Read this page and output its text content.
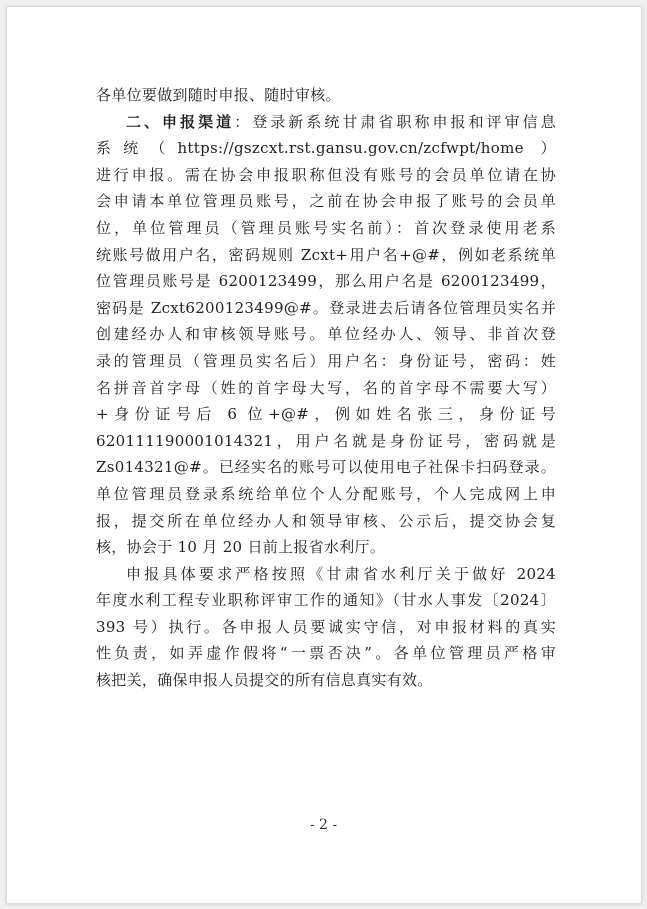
各单位要做到随时申报、随时审核。
二、申报渠道：登录新系统甘肃省职称申报和评审信息
系统（https://gszcxt.rst.gansu.gov.cn/zcfwpt/home ）
进行申报。需在协会申报职称但没有账号的会员单位请在协
会申请本单位管理员账号，之前在协会申报了账号的会员单
位，单位管理员（管理员账号实名前）：首次登录使用老系
统账号做用户名，密码规则 Zcxt+用户名+@#，例如老系统单
位管理员账号是 6200123499，那么用户名是 6200123499，
密码是 Zcxt6200123499@#。登录进去后请各位管理员实名并
创建经办人和审核领导账号。单位经办人、领导、非首次登
录的管理员（管理员实名后）用户名：身份证号，密码：姓
名拼音首字母（姓的首字母大写，名的首字母不需要大写）
+身份证号后 6 位+@#，例如姓名张三，身份证号
620111190001014321，用户名就是身份证号，密码就是
Zs014321@#。已经实名的账号可以使用电子社保卡扫码登录。
单位管理员登录系统给单位个人分配账号，个人完成网上申
报，提交所在单位经办人和领导审核、公示后，提交协会复
核，协会于 10 月 20 日前上报省水利厅。
申报具体要求严格按照《甘肃省水利厅关于做好 2024
年度水利工程专业职称评审工作的通知》（甘水人事发〔2024〕
393 号）执行。各申报人员要诚实守信，对申报材料的真实
性负责，如弄虚作假将“一票否决”。各单位管理员严格审
核把关，确保申报人员提交的所有信息真实有效。
- 2 -
